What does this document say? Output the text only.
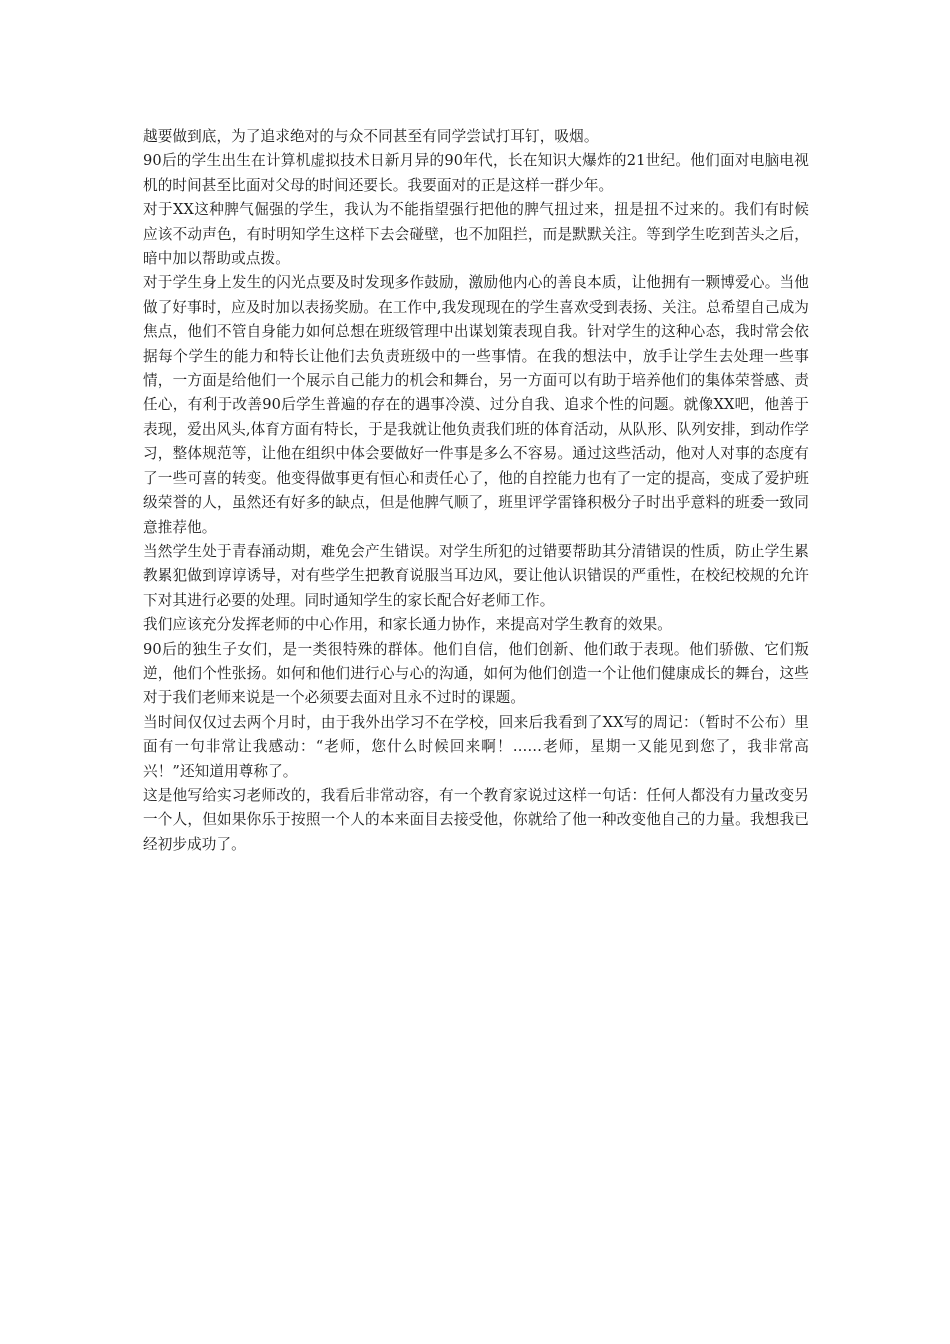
越要做到底，为了追求绝对的与众不同甚至有同学尝试打耳钉，吸烟。

90后的学生出生在计算机虚拟技术日新月异的90年代，长在知识大爆炸的21世纪。他们面对电脑电视机的时间甚至比面对父母的时间还要长。我要面对的正是这样一群少年。

对于XX这种脾气倔强的学生，我认为不能指望强行把他的脾气扭过来，扭是扭不过来的。我们有时候应该不动声色，有时明知学生这样下去会碰壁，也不加阻拦，而是默默关注。等到学生吃到苦头之后，暗中加以帮助或点拨。

对于学生身上发生的闪光点要及时发现多作鼓励，激励他内心的善良本质，让他拥有一颗博爱心。当他做了好事时，应及时加以表扬奖励。在工作中,我发现现在的学生喜欢受到表扬、关注。总希望自己成为焦点，他们不管自身能力如何总想在班级管理中出谋划策表现自我。针对学生的这种心态，我时常会依据每个学生的能力和特长让他们去负责班级中的一些事情。在我的想法中，放手让学生去处理一些事情，一方面是给他们一个展示自己能力的机会和舞台，另一方面可以有助于培养他们的集体荣誉感、责任心，有利于改善90后学生普遍的存在的遇事冷漠、过分自我、追求个性的问题。就像XX吧，他善于表现，爱出风头,体育方面有特长，于是我就让他负责我们班的体育活动，从队形、队列安排，到动作学习，整体规范等，让他在组织中体会要做好一件事是多么不容易。通过这些活动，他对人对事的态度有了一些可喜的转变。他变得做事更有恒心和责任心了，他的自控能力也有了一定的提高，变成了爱护班级荣誉的人，虽然还有好多的缺点，但是他脾气顺了，班里评学雷锋积极分子时出乎意料的班委一致同意推荐他。

当然学生处于青春涌动期，难免会产生错误。对学生所犯的过错要帮助其分清错误的性质，防止学生累教累犯做到谆谆诱导，对有些学生把教育说服当耳边风，要让他认识错误的严重性，在校纪校规的允许下对其进行必要的处理。同时通知学生的家长配合好老师工作。

我们应该充分发挥老师的中心作用，和家长通力协作，来提高对学生教育的效果。

90后的独生子女们，是一类很特殊的群体。他们自信，他们创新、他们敢于表现。他们骄傲、它们叛逆，他们个性张扬。如何和他们进行心与心的沟通，如何为他们创造一个让他们健康成长的舞台，这些对于我们老师来说是一个必须要去面对且永不过时的课题。

当时间仅仅过去两个月时，由于我外出学习不在学校，回来后我看到了XX写的周记：（暂时不公布）里面有一句非常让我感动：“老师，您什么时候回来啊！……老师，星期一又能见到您了，我非常高兴！”还知道用尊称了。

这是他写给实习老师改的，我看后非常动容，有一个教育家说过这样一句话：任何人都没有力量改变另一个人，但如果你乐于按照一个人的本来面目去接受他，你就给了他一种改变他自己的力量。我想我已经初步成功了。
